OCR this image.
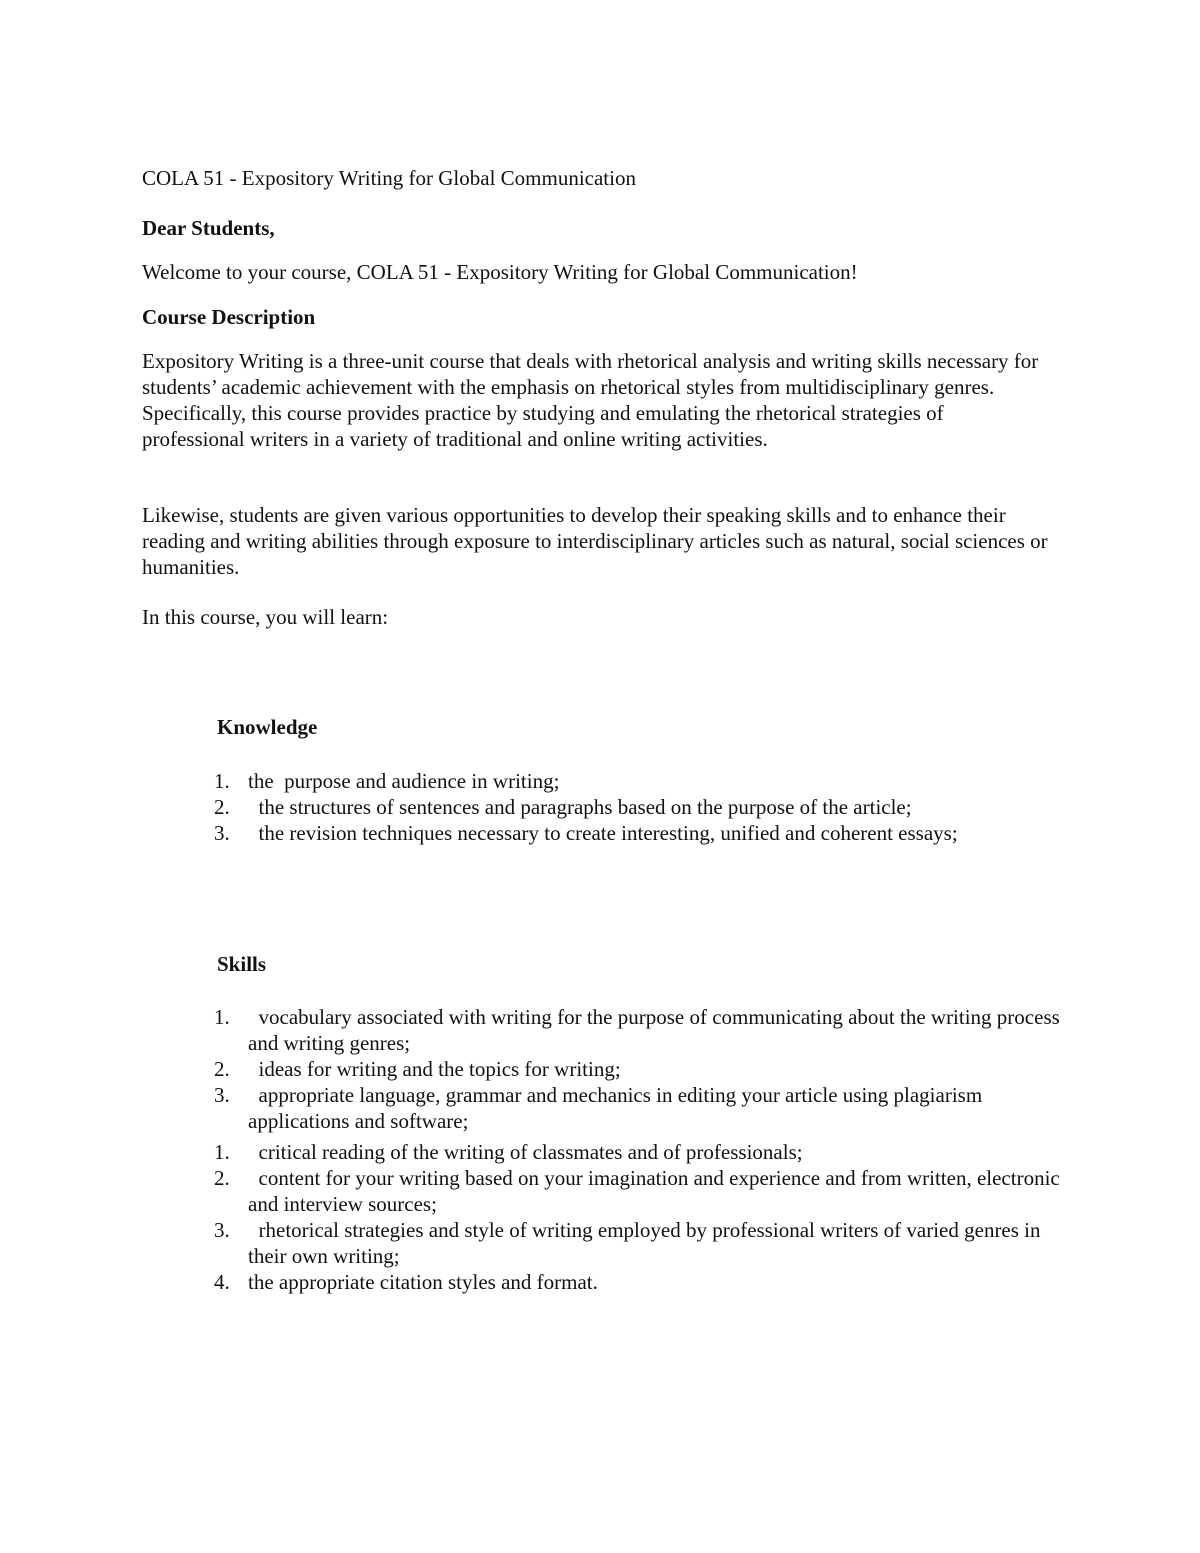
COLA 51 - Expository Writing for Global Communication

Dear Students,

Welcome to your course, COLA 51 - Expository Writing for Global Communication!

Course Description

Expository Writing is a three-unit course that deals with rhetorical analysis and writing skills necessary for students’ academic achievement with the emphasis on rhetorical styles from multidisciplinary genres. Specifically, this course provides practice by studying and emulating the rhetorical strategies of professional writers in a variety of traditional and online writing activities.

Likewise, students are given various opportunities to develop their speaking skills and to enhance their reading and writing abilities through exposure to interdisciplinary articles such as natural, social sciences or humanities.

In this course, you will learn:

Knowledge

1. the  purpose and audience in writing;
2. the structures of sentences and paragraphs based on the purpose of the article;
3. the revision techniques necessary to create interesting, unified and coherent essays;

Skills

1. vocabulary associated with writing for the purpose of communicating about the writing process and writing genres;
2. ideas for writing and the topics for writing;
3. appropriate language, grammar and mechanics in editing your article using plagiarism applications and software;
1. critical reading of the writing of classmates and of professionals;
2. content for your writing based on your imagination and experience and from written, electronic and interview sources;
3. rhetorical strategies and style of writing employed by professional writers of varied genres in their own writing;
4. the appropriate citation styles and format.
